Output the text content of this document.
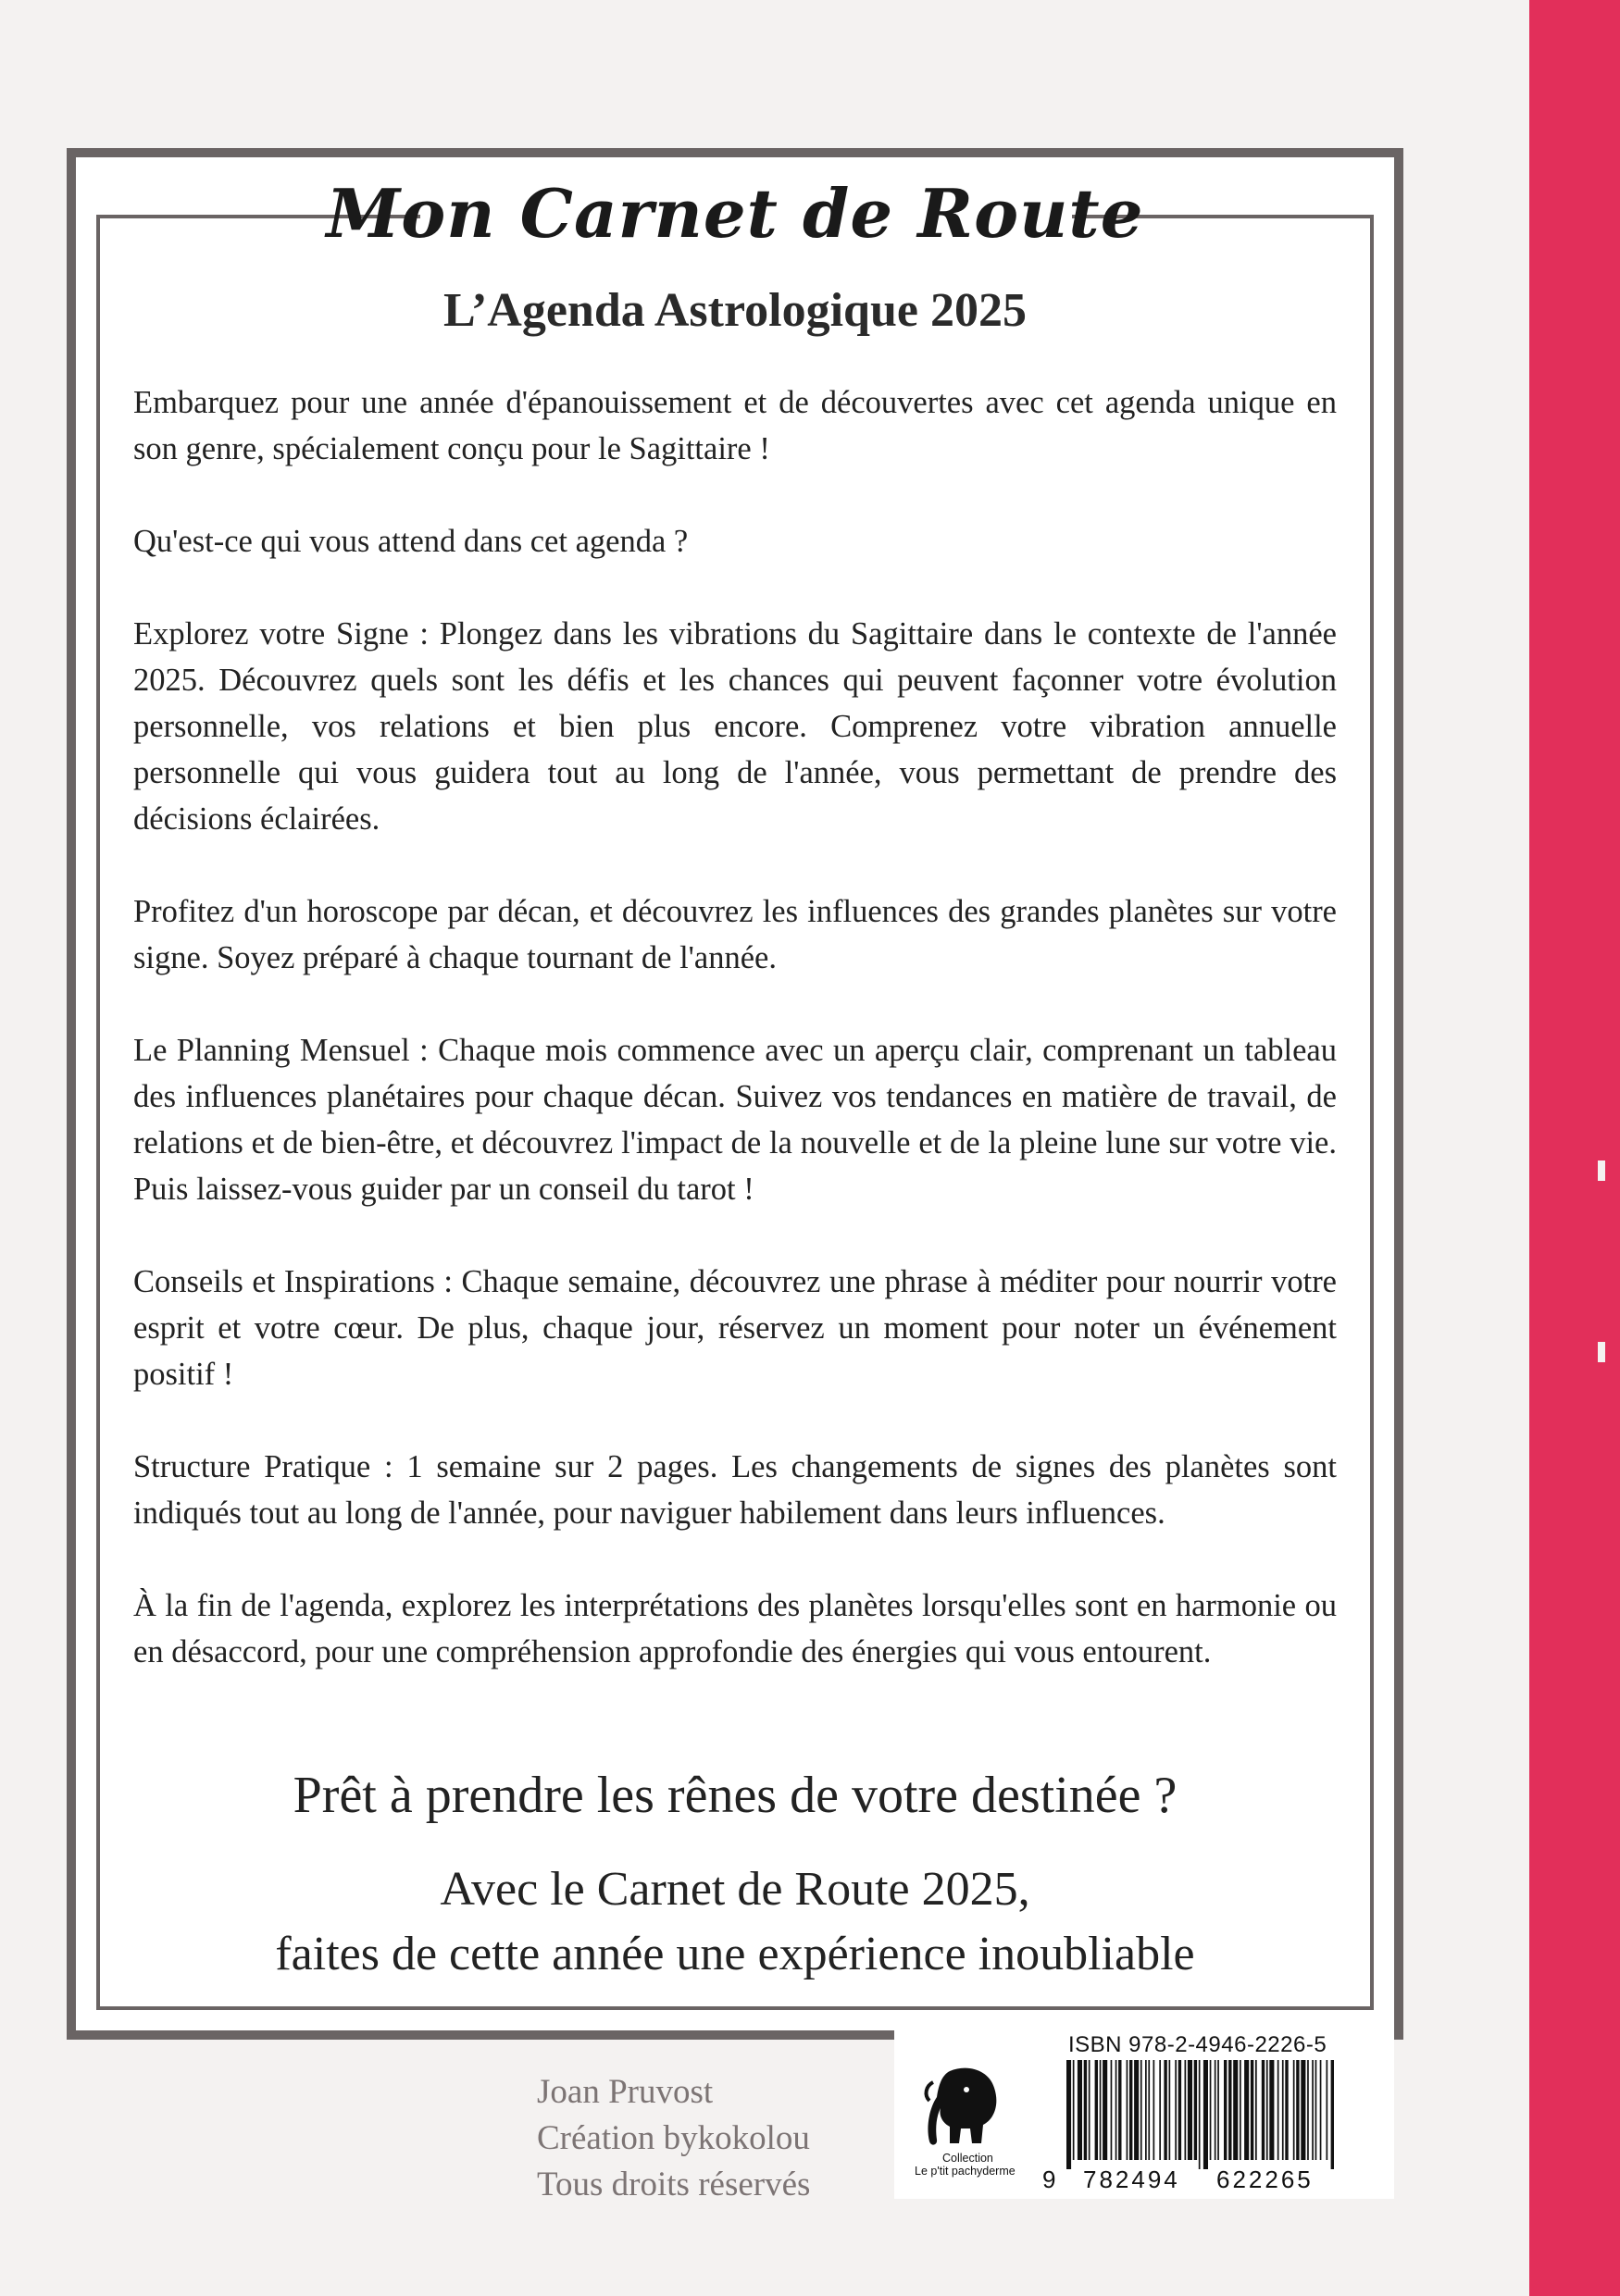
Mon Carnet de Route
L’Agenda Astrologique 2025

Embarquez pour une année d'épanouissement et de découvertes avec cet agenda unique en son genre, spécialement conçu pour le Sagittaire !

Qu'est-ce qui vous attend dans cet agenda ?

Explorez votre Signe : Plongez dans les vibrations du Sagittaire dans le contexte de l'année 2025. Découvrez quels sont les défis et les chances qui peuvent façonner votre évolution personnelle, vos relations et bien plus encore. Comprenez votre vibration annuelle personnelle qui vous guidera tout au long de l'année, vous permettant de prendre des décisions éclairées.

Profitez d'un horoscope par décan, et découvrez les influences des grandes planètes sur votre signe. Soyez préparé à chaque tournant de l'année.

Le Planning Mensuel : Chaque mois commence avec un aperçu clair, comprenant un tableau des influences planétaires pour chaque décan. Suivez vos tendances en matière de travail, de relations et de bien-être, et découvrez l'impact de la nouvelle et de la pleine lune sur votre vie. Puis laissez-vous guider par un conseil du tarot !

Conseils et Inspirations : Chaque semaine, découvrez une phrase à méditer pour nourrir votre esprit et votre cœur. De plus, chaque jour, réservez un moment pour noter un événement positif !

Structure Pratique : 1 semaine sur 2 pages. Les changements de signes des planètes sont indiqués tout au long de l'année, pour naviguer habilement dans leurs influences.

À la fin de l'agenda, explorez les interprétations des planètes lorsqu'elles sont en harmonie ou en désaccord, pour une compréhension approfondie des énergies qui vous entourent.

Prêt à prendre les rênes de votre destinée ?

Avec le Carnet de Route 2025,

faites de cette année une expérience inoubliable

Joan Pruvost
Création bykokolou
Tous droits réservés
Collection
Le p'tit pachyderme
ISBN 978-2-4946-2226-5
9 782494 622265
